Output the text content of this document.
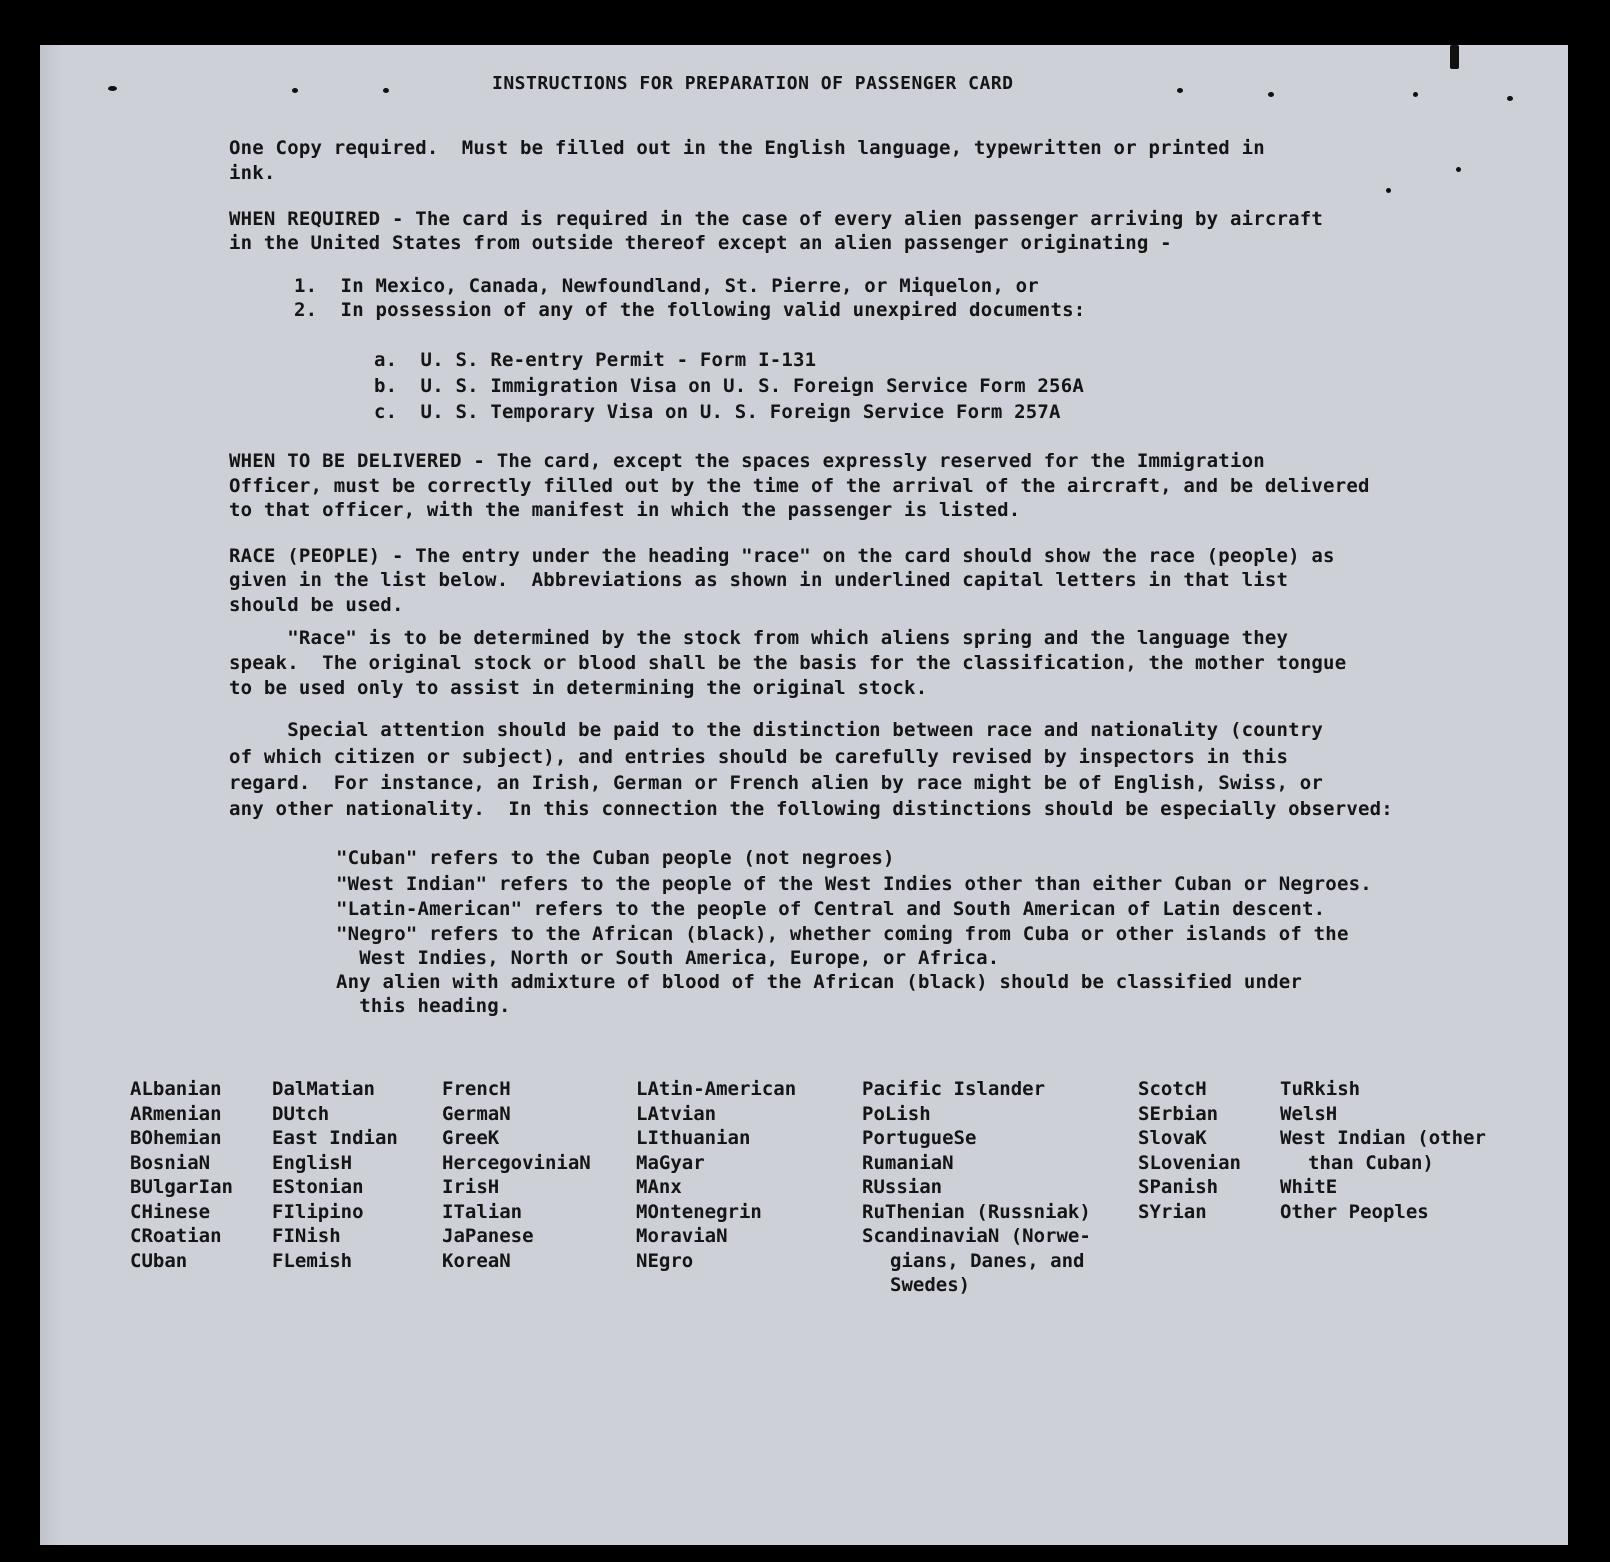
INSTRUCTIONS FOR PREPARATION OF PASSENGER CARD
One Copy required.  Must be filled out in the English language, typewritten or printed in
ink.
WHEN REQUIRED - The card is required in the case of every alien passenger arriving by aircraft
in the United States from outside thereof except an alien passenger originating -
1.  In Mexico, Canada, Newfoundland, St. Pierre, or Miquelon, or
2.  In possession of any of the following valid unexpired documents:
a.  U. S. Re-entry Permit - Form I-131
b.  U. S. Immigration Visa on U. S. Foreign Service Form 256A
c.  U. S. Temporary Visa on U. S. Foreign Service Form 257A
WHEN TO BE DELIVERED - The card, except the spaces expressly reserved for the Immigration
Officer, must be correctly filled out by the time of the arrival of the aircraft, and be delivered
to that officer, with the manifest in which the passenger is listed.
RACE (PEOPLE) - The entry under the heading "race" on the card should show the race (people) as
given in the list below.  Abbreviations as shown in underlined capital letters in that list
should be used.
"Race" is to be determined by the stock from which aliens spring and the language they
speak.  The original stock or blood shall be the basis for the classification, the mother tongue
to be used only to assist in determining the original stock.
Special attention should be paid to the distinction between race and nationality (country
of which citizen or subject), and entries should be carefully revised by inspectors in this
regard.  For instance, an Irish, German or French alien by race might be of English, Swiss, or
any other nationality.  In this connection the following distinctions should be especially observed:
"Cuban" refers to the Cuban people (not negroes)
"West Indian" refers to the people of the West Indies other than either Cuban or Negroes.
"Latin-American" refers to the people of Central and South American of Latin descent.
"Negro" refers to the African (black), whether coming from Cuba or other islands of the
West Indies, North or South America, Europe, or Africa.
Any alien with admixture of blood of the African (black) should be classified under
this heading.
ALbanian
ARmenian
BOhemian
BosniaN
BUlgarIan
CHinese
CRoatian
CUban
DalMatian
DUtch
East Indian
EnglisH
EStonian
FIlipino
FINish
FLemish
FrencH
GermaN
GreeK
HercegoviniaN
IrisH
ITalian
JaPanese
KoreaN
LAtin-American
LAtvian
LIthuanian
MaGyar
MAnx
MOntenegrin
MoraviaN
NEgro
Pacific Islander
PoLish
PortugueSe
RumaniaN
RUssian
RuThenian (Russniak)
ScandinaviaN (Norwe-
gians, Danes, and
Swedes)
ScotcH
SErbian
SlovaK
SLovenian
SPanish
SYrian
TuRkish
WelsH
West Indian (other
than Cuban)
WhitE
Other Peoples
